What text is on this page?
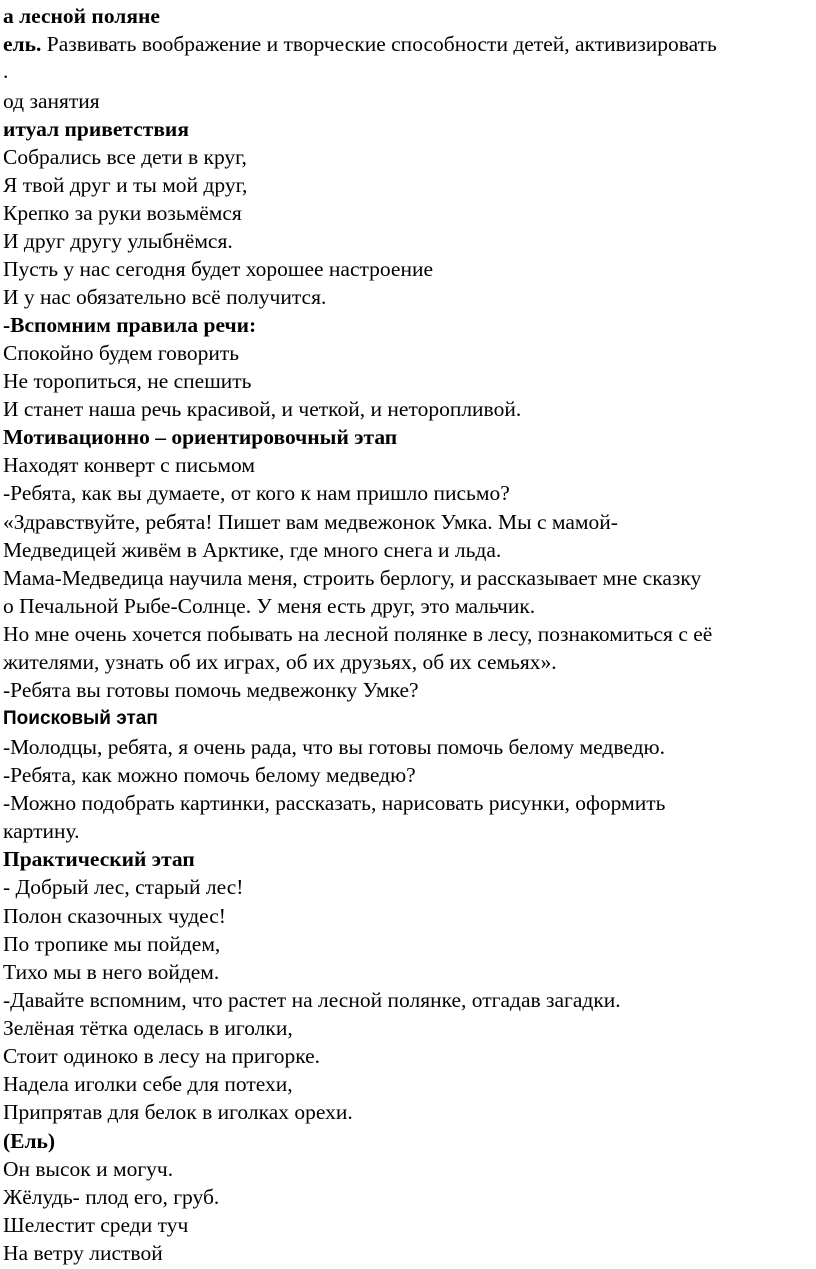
а лесной поляне
ель. Развивать воображение и творческие способности детей, активизировать
.
од занятия
итуал приветствия
Собрались все дети в круг,
Я твой друг и ты мой друг,
Крепко за руки возьмёмся
И друг другу улыбнёмся.
Пусть у нас сегодня будет хорошее настроение
И у нас обязательно всё получится.
-Вспомним правила речи:
Спокойно будем говорить
Не торопиться, не спешить
И станет наша речь красивой, и четкой, и неторопливой.
Мотивационно – ориентировочный этап
Находят конверт с письмом
-Ребята, как вы думаете, от кого к нам пришло письмо?
«Здравствуйте, ребята! Пишет вам медвежонок Умка. Мы с мамой-
Медведицей живём в Арктике, где много снега и льда.
Мама-Медведица научила меня, строить берлогу, и рассказывает мне сказку
о Печальной Рыбе-Солнце. У меня есть друг, это мальчик.
Но мне очень хочется побывать на лесной полянке в лесу, познакомиться с её
жителями, узнать об их играх, об их друзьях, об их семьях».
-Ребята вы готовы помочь медвежонку Умке?
Поисковый этап
-Молодцы, ребята, я очень рада, что вы готовы помочь белому медведю.
-Ребята, как можно помочь белому медведю?
-Можно подобрать картинки, рассказать, нарисовать рисунки, оформить
картину.
Практический этап
- Добрый лес, старый лес!
Полон сказочных чудес!
По тропике мы пойдем,
Тихо мы в него войдем.
-Давайте вспомним, что растет на лесной полянке, отгадав загадки.
Зелёная тётка оделась в иголки,
Стоит одиноко в лесу на пригорке.
Надела иголки себе для потехи,
Припрятав для белок в иголках орехи.
(Ель)
Он высок и могуч.
Жёлудь- плод его, груб.
Шелестит среди туч
На ветру листвой
